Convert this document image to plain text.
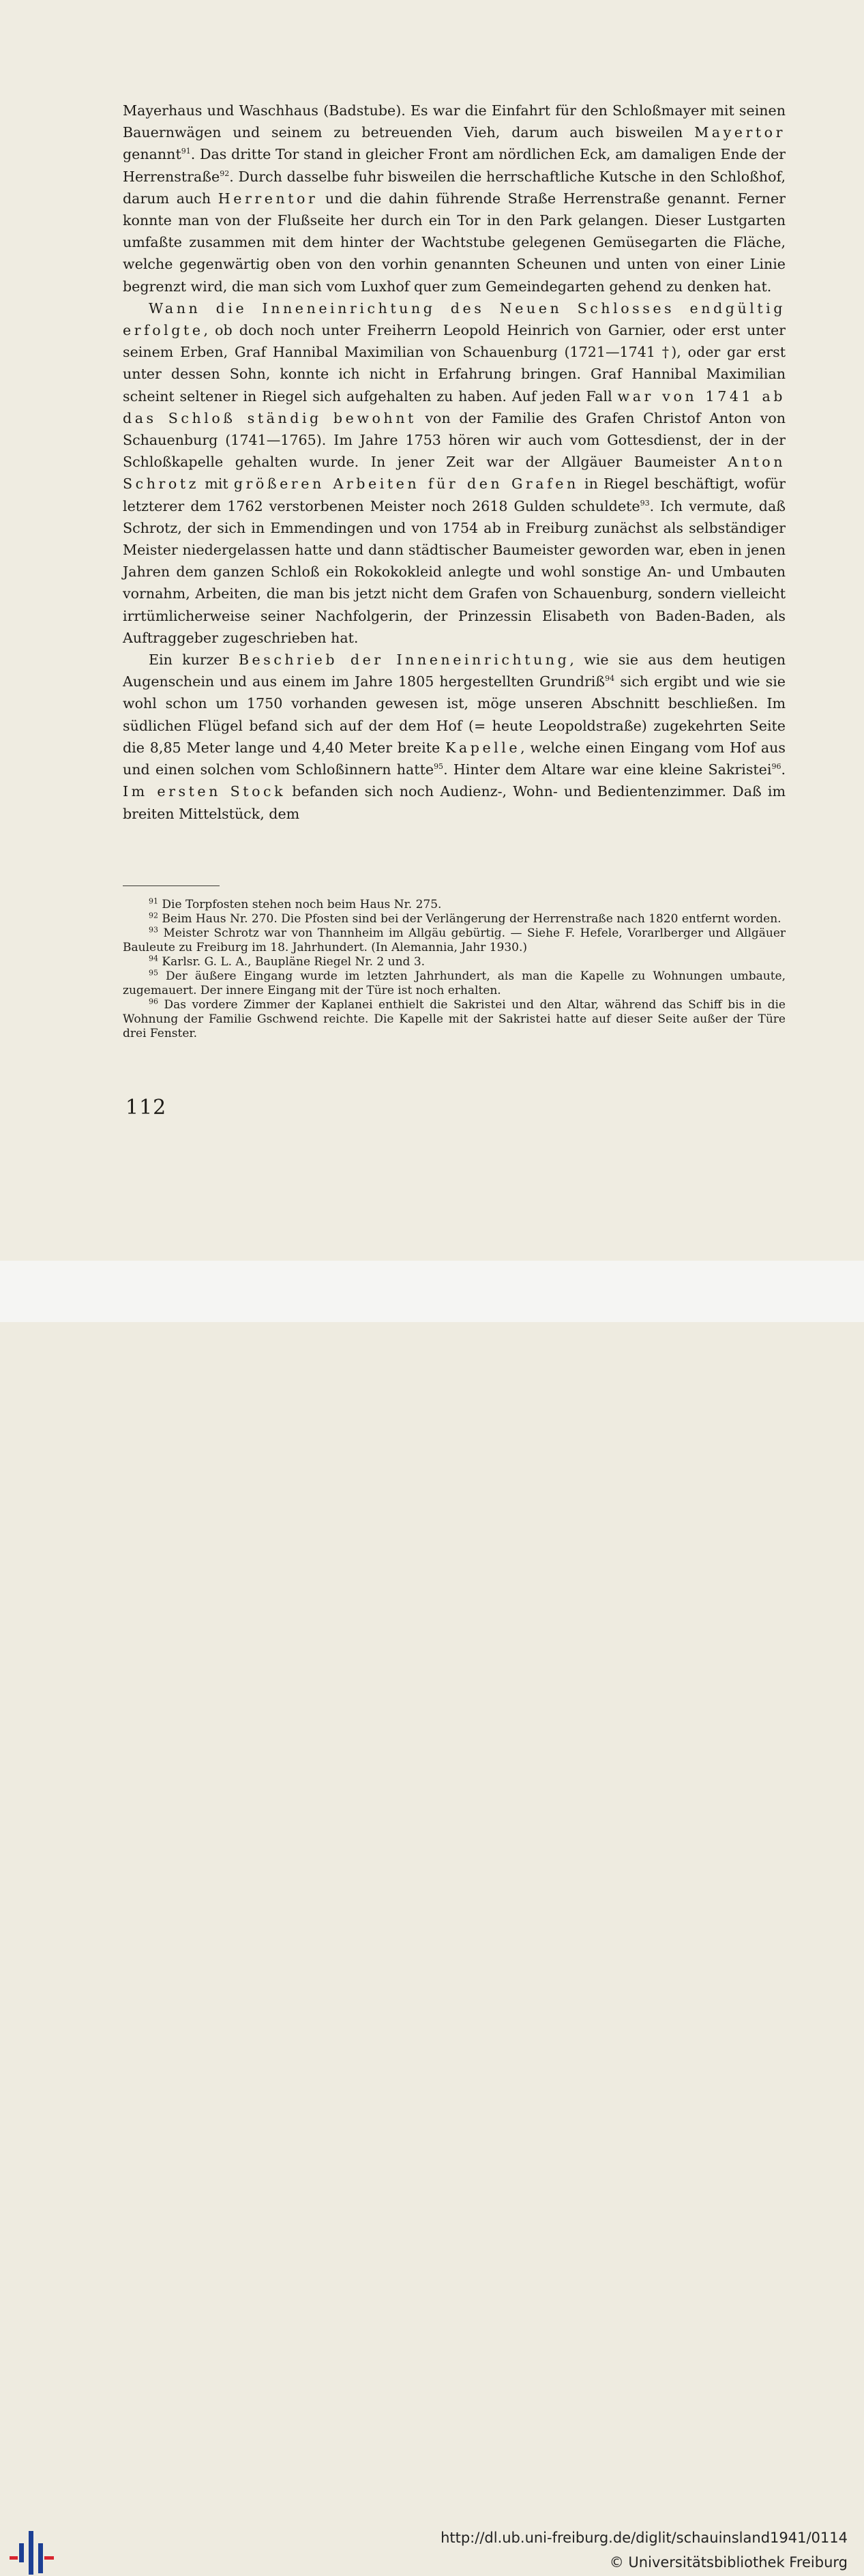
Mayerhaus und Waschhaus (Badstube). Es war die Einfahrt für den Schloßmayer mit seinen Bauernwägen und seinem zu betreuenden Vieh, darum auch bisweilen Mayertor genannt$^{91}$. Das dritte Tor stand in gleicher Front am nördlichen Eck, am damaligen Ende der Herrenstraße$^{92}$. Durch dasselbe fuhr bisweilen die herrschaftliche Kutsche in den Schloßhof, darum auch Herrentor und die dahin führende Straße Herrenstraße genannt. Ferner konnte man von der Flußseite her durch ein Tor in den Park gelangen. Dieser Lustgarten umfaßte zusammen mit dem hinter der Wachtstube gelegenen Gemüsegarten die Fläche, welche gegenwärtig oben von den vorhin genannten Scheunen und unten von einer Linie begrenzt wird, die man sich vom Luxhof quer zum Gemeindegarten gehend zu denken hat.

Wann die Inneneinrichtung des Neuen Schlosses endgültig erfolgte, ob doch noch unter Freiherrn Leopold Heinrich von Garnier, oder erst unter seinem Erben, Graf Hannibal Maximilian von Schauenburg (1721—1741 †), oder gar erst unter dessen Sohn, konnte ich nicht in Erfahrung bringen. Graf Hannibal Maximilian scheint seltener in Riegel sich aufgehalten zu haben. Auf jeden Fall war von 1741 ab das Schloß ständig bewohnt von der Familie des Grafen Christof Anton von Schauenburg (1741—1765). Im Jahre 1753 hören wir auch vom Gottesdienst, der in der Schloßkapelle gehalten wurde. In jener Zeit war der Allgäuer Baumeister Anton Schrotz mit größeren Arbeiten für den Grafen in Riegel beschäftigt, wofür letzterer dem 1762 verstorbenen Meister noch 2618 Gulden schuldete$^{93}$. Ich vermute, daß Schrotz, der sich in Emmendingen und von 1754 ab in Freiburg zunächst als selbständiger Meister niedergelassen hatte und dann städtischer Baumeister geworden war, eben in jenen Jahren dem ganzen Schloß ein Rokokokleid anlegte und wohl sonstige An- und Umbauten vornahm, Arbeiten, die man bis jetzt nicht dem Grafen von Schauenburg, sondern vielleicht irrtümlicherweise seiner Nachfolgerin, der Prinzessin Elisabeth von Baden-Baden, als Auftraggeber zugeschrieben hat.

Ein kurzer Beschrieb der Inneneinrichtung, wie sie aus dem heutigen Augenschein und aus einem im Jahre 1805 hergestellten Grundriß$^{94}$ sich ergibt und wie sie wohl schon um 1750 vorhanden gewesen ist, möge unseren Abschnitt beschließen. Im südlichen Flügel befand sich auf der dem Hof (= heute Leopoldstraße) zugekehrten Seite die 8,85 Meter lange und 4,40 Meter breite Kapelle, welche einen Eingang vom Hof aus und einen solchen vom Schloßinnern hatte$^{95}$. Hinter dem Altare war eine kleine Sakristei$^{96}$. Im ersten Stock befanden sich noch Audienz-, Wohn- und Bedientenzimmer. Daß im breiten Mittelstück, dem

$^{91}$ Die Torpfosten stehen noch beim Haus Nr. 275.

$^{92}$ Beim Haus Nr. 270. Die Pfosten sind bei der Verlängerung der Herrenstraße nach 1820 entfernt worden.

$^{93}$ Meister Schrotz war von Thannheim im Allgäu gebürtig. — Siehe F. Hefele, Vorarlberger und Allgäuer Bauleute zu Freiburg im 18. Jahrhundert. (In Alemannia, Jahr 1930.)

$^{94}$ Karlsr. G. L. A., Baupläne Riegel Nr. 2 und 3.

$^{95}$ Der äußere Eingang wurde im letzten Jahrhundert, als man die Kapelle zu Wohnungen umbaute, zugemauert. Der innere Eingang mit der Türe ist noch erhalten.

$^{96}$ Das vordere Zimmer der Kaplanei enthielt die Sakristei und den Altar, während das Schiff bis in die Wohnung der Familie Gschwend reichte. Die Kapelle mit der Sakristei hatte auf dieser Seite außer der Türe drei Fenster.

112
http://dl.ub.uni-freiburg.de/diglit/schauinsland1941/0114
© Universitätsbibliothek Freiburg
